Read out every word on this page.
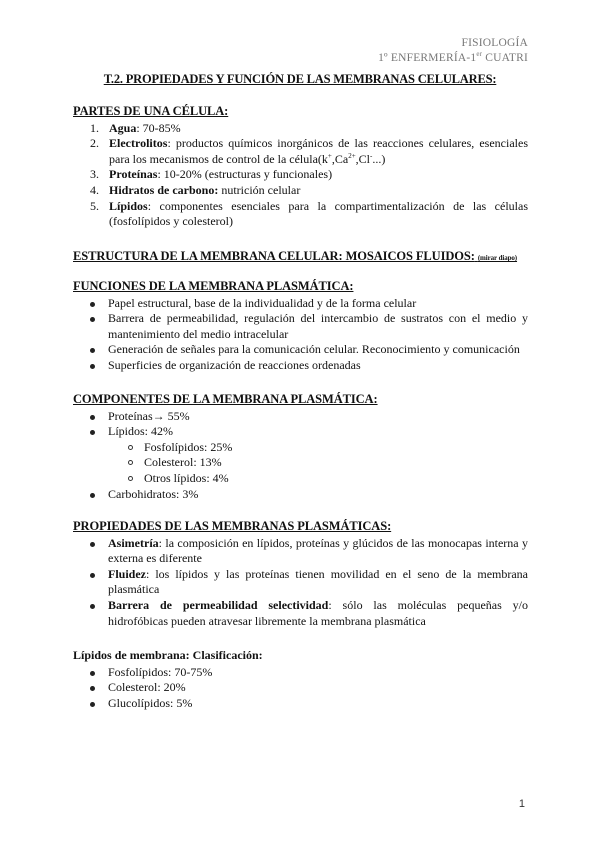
FISIOLOGÍA
1º ENFERMERÍA-1er CUATRI
T.2. PROPIEDADES Y FUNCIÓN DE LAS MEMBRANAS CELULARES:
PARTES DE UNA CÉLULA:
1. Agua: 70-85%
2. Electrolitos: productos químicos inorgánicos de las reacciones celulares, esenciales para los mecanismos de control de la $célula(k^+,Ca^{2+},Cl^-...)$
3. Proteínas: 10-20% (estructuras y funcionales)
4. Hidratos de carbono: nutrición celular
5. Lípidos: componentes esenciales para la compartimentalización de las células (fosfolípidos y colesterol)
ESTRUCTURA DE LA MEMBRANA CELULAR: MOSAICOS FLUIDOS: (mirar diapo)
FUNCIONES DE LA MEMBRANA PLASMÁTICA:
Papel estructural, base de la individualidad y de la forma celular
Barrera de permeabilidad, regulación del intercambio de sustratos con el medio y mantenimiento del medio intracelular
Generación de señales para la comunicación celular. Reconocimiento y comunicación
Superficies de organización de reacciones ordenadas
COMPONENTES DE LA MEMBRANA PLASMÁTICA:
Proteínas→ 55%
Lípidos: 42%
Fosfolípidos: 25%
Colesterol: 13%
Otros lípidos: 4%
Carbohidratos: 3%
PROPIEDADES DE LAS MEMBRANAS PLASMÁTICAS:
Asimetría: la composición en lípidos, proteínas y glúcidos de las monocapas interna y externa es diferente
Fluidez: los lípidos y las proteínas tienen movilidad en el seno de la membrana plasmática
Barrera de permeabilidad selectividad: sólo las moléculas pequeñas y/o hidrofóbicas pueden atravesar libremente la membrana plasmática
Lípidos de membrana: Clasificación:
Fosfolípidos: 70-75%
Colesterol: 20%
Glucolípidos: 5%
1
